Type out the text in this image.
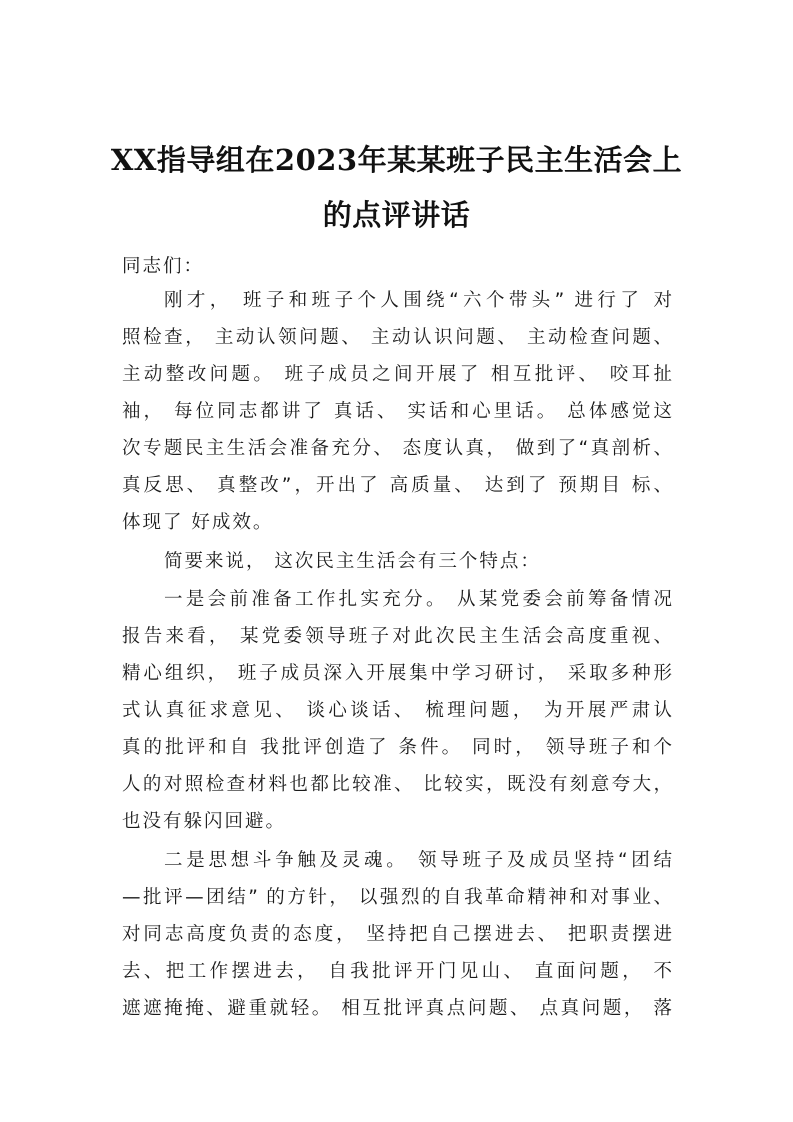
XX指导组在2023年某某班子民主生活会上
的点评讲话
同志们：
刚才， 班子和班子个人围绕“六个带头” 进行了 对
照检查， 主动认领问题、 主动认识问题、 主动检查问题、
主动整改问题。 班子成员之间开展了 相互批评、 咬耳扯
袖， 每位同志都讲了 真话、 实话和心里话。 总体感觉这
次专题民主生活会准备充分、 态度认真， 做到了“真剖析、
真反思、 真整改”，开出了 高质量、 达到了 预期目 标、
体现了 好成效。
简要来说， 这次民主生活会有三个特点：
一是会前准备工作扎实充分。 从某党委会前筹备情况
报告来看， 某党委领导班子对此次民主生活会高度重视、
精心组织， 班子成员深入开展集中学习研讨， 采取多种形
式认真征求意见、 谈心谈话、 梳理问题， 为开展严肃认
真的批评和自 我批评创造了 条件。 同时， 领导班子和个
人的对照检查材料也都比较准、 比较实，既没有刻意夸大，
也没有躲闪回避。
二是思想斗争触及灵魂。 领导班子及成员坚持“团结
—批评—团结” 的方针， 以强烈的自我革命精神和对事业、
对同志高度负责的态度， 坚持把自己摆进去、 把职责摆进
去、把工作摆进去， 自我批评开门见山、 直面问题， 不
遮遮掩掩、避重就轻。 相互批评真点问题、 点真问题， 落
